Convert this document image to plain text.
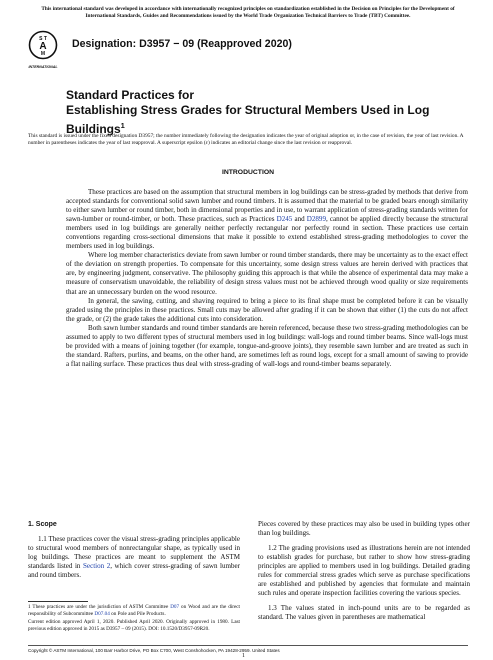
This international standard was developed in accordance with internationally recognized principles on standardization established in the Decision on Principles for the Development of International Standards, Guides and Recommendations issued by the World Trade Organization Technical Barriers to Trade (TBT) Committee.
A
S T
M
INTERNATIONAL
Designation: D3957 − 09 (Reapproved 2020)
Standard Practices for
Establishing Stress Grades for Structural Members Used in Log Buildings$^1$
This standard is issued under the fixed designation D3957; the number immediately following the designation indicates the year of original adoption or, in the case of revision, the year of last revision. A number in parentheses indicates the year of last reapproval. A superscript epsilon (ε) indicates an editorial change since the last revision or reapproval.
INTRODUCTION

These practices are based on the assumption that structural members in log buildings can be stress-graded by methods that derive from accepted standards for conventional solid sawn lumber and round timbers. It is assumed that the material to be graded bears enough similarity to either sawn lumber or round timber, both in dimensional properties and in use, to warrant application of stress-grading standards written for sawn-lumber or round-timber, or both. These practices, such as Practices D245 and D2899, cannot be applied directly because the structural members used in log buildings are generally neither perfectly rectangular nor perfectly round in section. These practices use certain conventions regarding cross-sectional dimensions that make it possible to extend established stress-grading methodologies to cover the members used in log buildings.

Where log member characteristics deviate from sawn lumber or round timber standards, there may be uncertainty as to the exact effect of the deviation on strength properties. To compensate for this uncertainty, some design stress values are herein derived with practices that are, by engineering judgment, conservative. The philosophy guiding this approach is that while the absence of experimental data may make a measure of conservatism unavoidable, the reliability of design stress values must not be achieved through wood quality or size requirements that are an unnecessary burden on the wood resource.

In general, the sawing, cutting, and shaving required to bring a piece to its final shape must be completed before it can be visually graded using the principles in these practices. Small cuts may be allowed after grading if it can be shown that either (1) the cuts do not affect the grade, or (2) the grade takes the additional cuts into consideration.

Both sawn lumber standards and round timber standards are herein referenced, because these two stress-grading methodologies can be assumed to apply to two different types of structural members used in log buildings: wall-logs and round timber beams. Since wall-logs must be provided with a means of joining together (for example, tongue-and-groove joints), they resemble sawn lumber and are treated as such in the standard. Rafters, purlins, and beams, on the other hand, are sometimes left as round logs, except for a small amount of sawing to provide a flat nailing surface. These practices thus deal with stress-grading of wall-logs and round-timber beams separately.

1. Scope

1.1 These practices cover the visual stress-grading principles applicable to structural wood members of nonrectangular shape, as typically used in log buildings. These practices are meant to supplement the ASTM standards listed in Section 2, which cover stress-grading of sawn lumber and round timbers.

1 These practices are under the jurisdiction of ASTM Committee D07 on Wood and are the direct responsibility of Subcommittee D07.04 on Pole and Pile Products.

Current edition approved April 1, 2020. Published April 2020. Originally approved in 1980. Last previous edition approved in 2015 as D3957 – 09 (2015). DOI: 10.1520/D3957-09R20.

Pieces covered by these practices may also be used in building types other than log buildings.

1.2 The grading provisions used as illustrations herein are not intended to establish grades for purchase, but rather to show how stress-grading principles are applied to members used in log buildings. Detailed grading rules for commercial stress grades which serve as purchase specifications are established and published by agencies that formulate and maintain such rules and operate inspection facilities covering the various species.

1.3 The values stated in inch-pound units are to be regarded as standard. The values given in parentheses are mathematical

Copyright © ASTM International, 100 Barr Harbor Drive, PO Box C700, West Conshohocken, PA 19428-2959. United States
1
